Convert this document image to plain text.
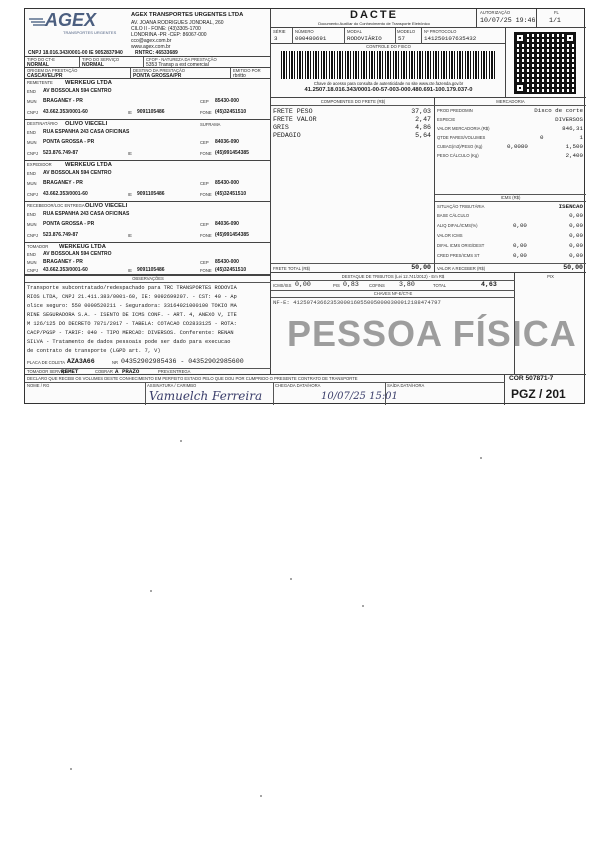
AGEX
TRANSPORTES URGENTES
AGEX TRANSPORTES URGENTES LTDA
AV. JOANA RODRIGUES JONDRAL, 260
CILO II - FONE: (43)3305-1700
LONDRINA -PR -CEP: 86067-000
cco@agex.com.br
www.agex.com.br
CNPJ 18.016.343/0001-00 IE 9052837940 RNTRC: 46533689
DACTE
Documento Auxiliar do Conhecimento de Transporte Eletrônico
AUTORIZAÇÃO
10/07/25 19:46
FL
1/1
SÉRIE
3
NÚMERO
000480691
MODAL
RODOVIÁRIO
MODELO
57
Nº PROTOCOLO
141250107635432
CONTROLE DO FISCO
Chave de acesso para consulta de autenticidade no site www.cte.fazenda.gov.br
41.2507.18.016.343/0001-00-57-003-000.480.691-100.179.037-0
TIPO DO CT-E
NORMAL
TIPO DO SERVIÇO
NORMAL
CFOP - NATUREZA DA PRESTAÇÃO
5353 Transp a est comercial
ORIGEM DA PRESTAÇÃO
CASCAVEL/PR
DESTINO DA PRESTAÇÃO
PONTA GROSSA/PR
EMITIDO POR
rbritto
REMETENTE WERKEUG LTDA
END AV BOSSOLAN 594 CENTRO
MUN BRAGANEY - PR	CEP 85430-000
CNPJ 43.662.353/0001-60	IE 9091105486	FONE (45)32451510
DESTINATÁRIO OLIVO VIECELI	SUFRAMA
END RUA ESPANHA 243 CASA OFICINAS
MUN PONTA GROSSA - PR	CEP 84036-090
CNPJ 523.876.749-87	IE	FONE (45)991454385
EXPEDIDOR WERKEUG LTDA
END AV BOSSOLAN 594 CENTRO
MUN BRAGANEY - PR	CEP 85430-000
CNPJ 43.662.353/0001-60	IE 9091105486	FONE (45)32451510
RECEBEDOR/LOC ENTREGA OLIVO VIECELI
END RUA ESPANHA 243 CASA OFICINAS
MUN PONTA GROSSA - PR	CEP 84036-090
CNPJ 523.876.749-87	IE	FONE (45)991454385
TOMADOR WERKEUG LTDA
END AV BOSSOLAN 594 CENTRO
MUN BRAGANEY - PR	CEP 85430-000
CNPJ 43.662.353/0001-60	IE 9091105486	FONE (45)32451510
COMPONENTES DO FRETE (R$)
FRETE PESO	37,03
FRETE VALOR	2,47
GRIS	4,86
PEDAGIO	5,64
FRETE TOTAL (R$)	50,00
MERCADORIA
PROD PREDOMIN	Disco de corte
ESPECIE	DIVERSOS
VALOR MERCADORIA (R$)	846,31
QTDE PARES/VOLUMES	0	1
CUBAG(m3)/PESO (Kg)	0,0080	1,500
PESO CÁLCULO (Kg)	2,400
ICMS (R$)
SITUAÇÃO TRIBUTÁRIA	ISENCAO
BASE CÁLCULO	0,00
ALIQ DIFAL/ICMS(%)	0,00	0,00
VALOR ICMS	0,00
DIFAL ICMS ORIG/DEST	0,00	0,00
CRED PRES/ICMS ST	0,00	0,00
VALOR A RECEBER (R$)	50,00
OBSERVAÇÕES
Transporte subcontratado/redespachado para TRC TRANSPORTES RODOVIA
RIOS LTDA, CNPJ 21.411.383/0001-60, IE: 9092699207. - CST: 40 - Ap
olice seguro: 550 0000520211 - Seguradora: 33164021000100 TOKIO MA
RINE SEGURADORA S.A. - ISENTO DE ICMS CONF. - ART. 4, ANEXO V, ITE
M 126/125 DO DECRETO 7871/2017 - TABELA: COTACAO CO2833125 - ROTA:
CACP/PGSP - TARIF: 040 - TIPO MERCAD: DIVERSOS. Conferente: RENAN
SILVA - Tratamento de dados pessoais pode ser dado para execucao
de contrato de transporte (LGPD art. 7, V)
PLACA DE COLETA AZA3A66	NR 04352902985436 - 04352902985600
TOMADOR SERVIÇO
REMET	COBRAR A PRAZO	PREV.ENTREGA
DESTAQUE DE TRIBUTOS (Lei 12.741/2012) - Em R$
ICMS/ISS 0,00	PIS 0,83 COFINS 3,80	TOTAL	4,63
CHAVES NF-E/CT-E
NF-E: 41250743662353000160550050000300912188474797
PIX
PESSOA FÍSICA
DECLARO QUE RECEBI OS VOLUMES DESTE CONHECIMENTO EM PERFEITO ESTADO PELO QUE DOU POR CUMPRIDO O PRESENTE CONTRATO DE TRANSPORTE
NOME / RG	ASSINATURA / CARIMBO	CHEGADA DATA/HORA	SAÍDA DATA/HORA
Vamuelch Ferreira	10/07/25 15:01
COR 507871-7
PGZ / 201
